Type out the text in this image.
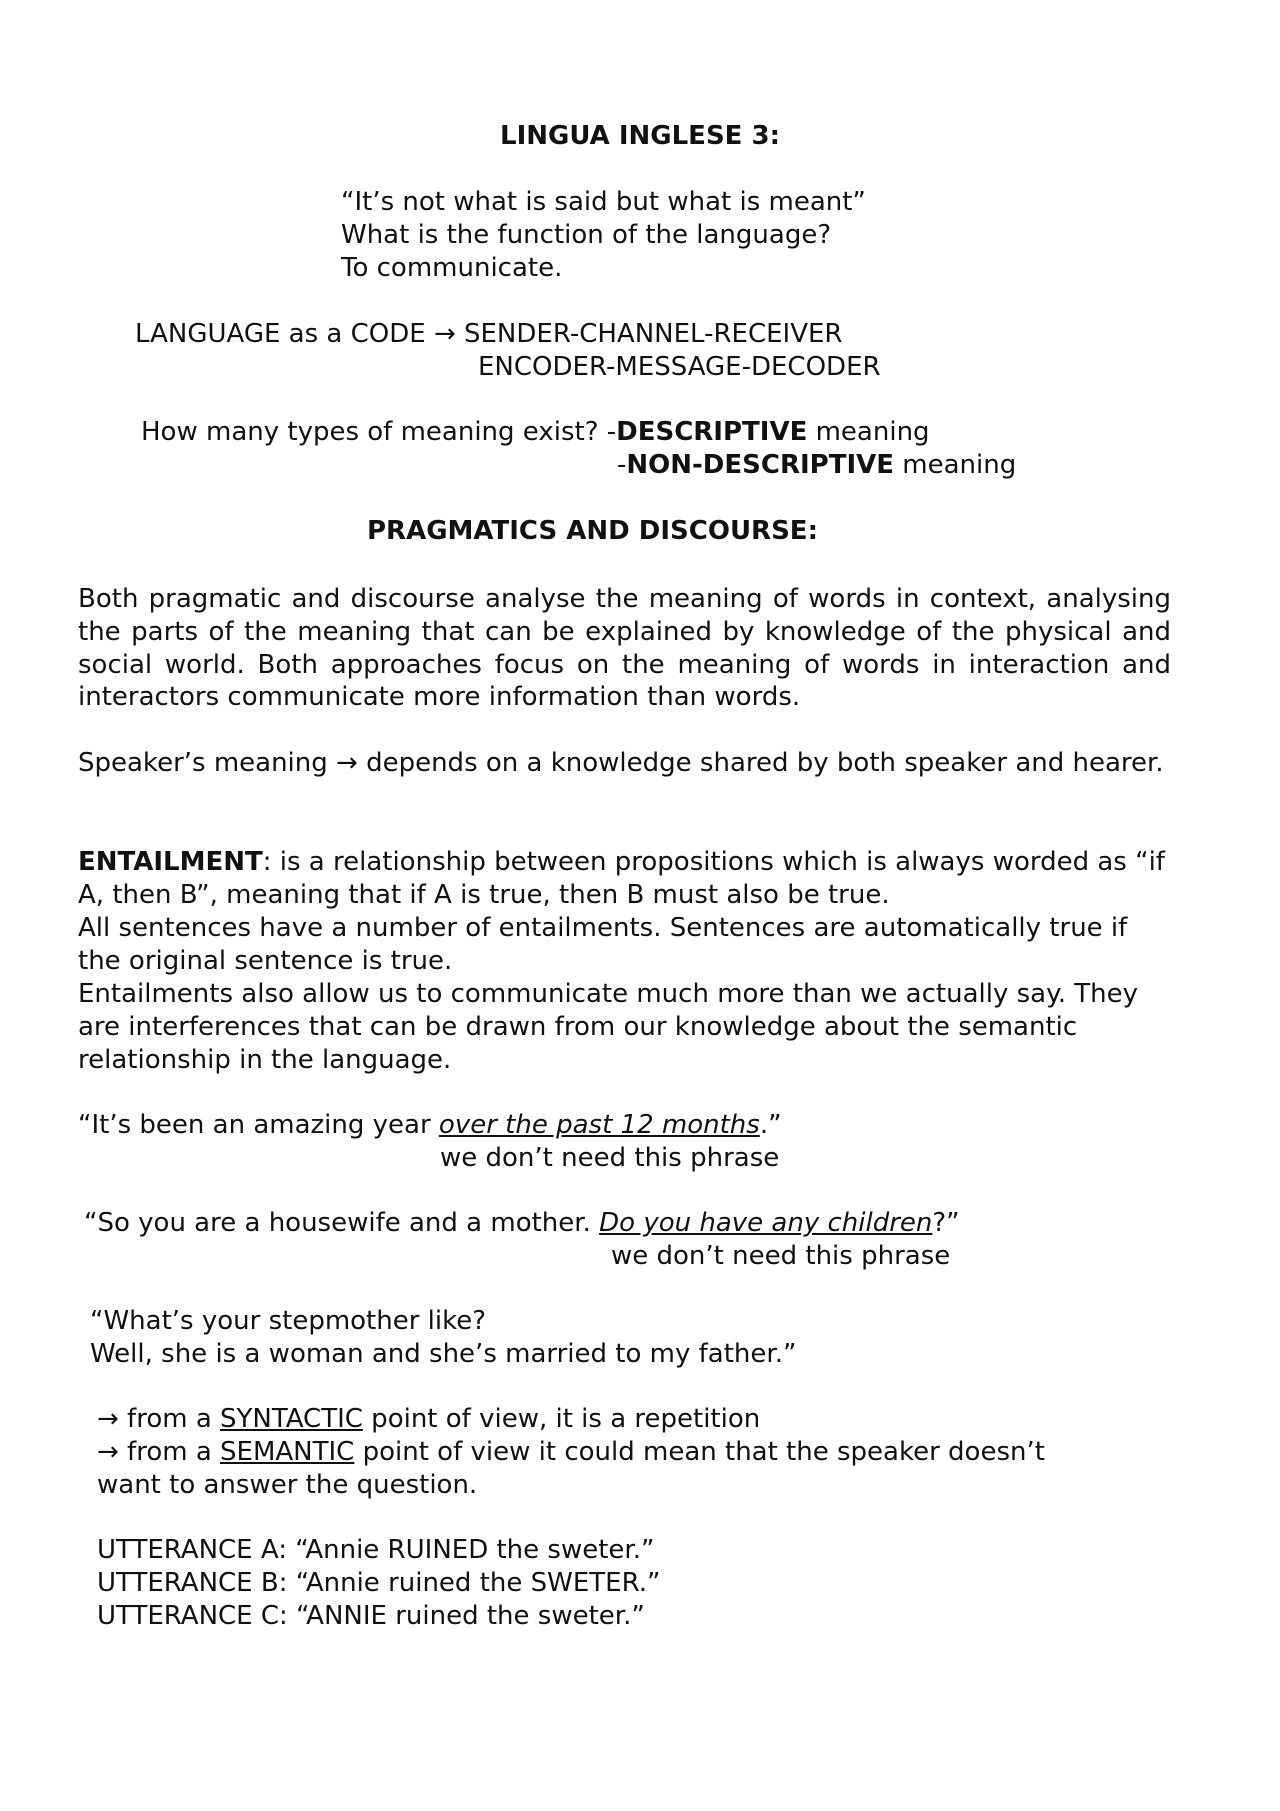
LINGUA INGLESE 3:
“It’s not what is said but what is meant”
What is the function of the language?
To communicate.
LANGUAGE as a CODE → SENDER-CHANNEL-RECEIVER
ENCODER-MESSAGE-DECODER
How many types of meaning exist? -DESCRIPTIVE meaning
-NON-DESCRIPTIVE meaning
PRAGMATICS AND DISCOURSE:
Both pragmatic and discourse analyse the meaning of words in context, analysing the parts of the meaning that can be explained by knowledge of the physical and social world. Both approaches focus on the meaning of words in interaction and interactors communicate more information than words.
Speaker’s meaning → depends on a knowledge shared by both speaker and hearer.
ENTAILMENT: is a relationship between propositions which is always worded as “if A, then B”, meaning that if A is true, then B must also be true.
All sentences have a number of entailments. Sentences are automatically true if the original sentence is true.
Entailments also allow us to communicate much more than we actually say. They are interferences that can be drawn from our knowledge about the semantic relationship in the language.
“It’s been an amazing year over the past 12 months.”
we don’t need this phrase
“So you are a housewife and a mother. Do you have any children?”
we don’t need this phrase
“What’s your stepmother like?
Well, she is a woman and she’s married to my father.”
→ from a SYNTACTIC point of view, it is a repetition
→ from a SEMANTIC point of view it could mean that the speaker doesn’t
want to answer the question.
UTTERANCE A: “Annie RUINED the sweter.”
UTTERANCE B: “Annie ruined the SWETER.”
UTTERANCE C: “ANNIE ruined the sweter.”
